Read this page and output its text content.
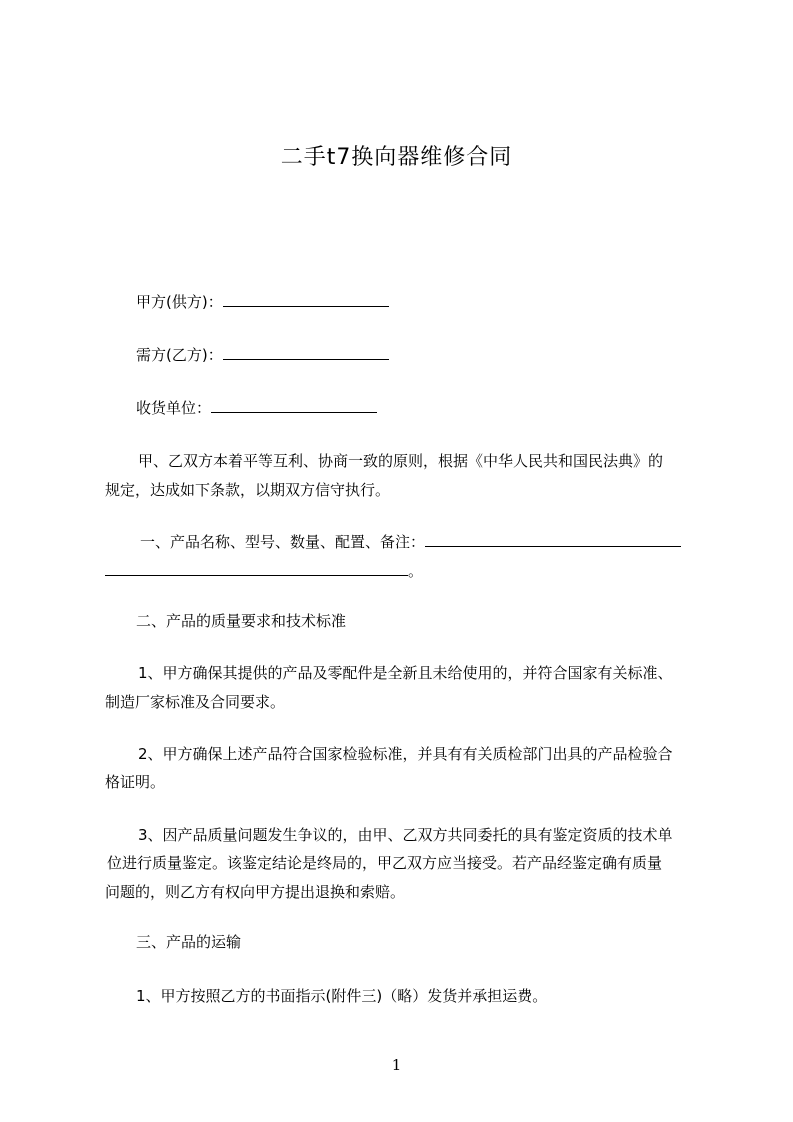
二手t7换向器维修合同
甲方(供方)：
需方(乙方)：
收货单位：
甲、乙双方本着平等互利、协商一致的原则，根据《中华人民共和国民法典》的
规定，达成如下条款，以期双方信守执行。
一、产品名称、型号、数量、配置、备注：
。
二、产品的质量要求和技术标准
1、甲方确保其提供的产品及零配件是全新且未给使用的，并符合国家有关标准、
制造厂家标准及合同要求。
2、甲方确保上述产品符合国家检验标准，并具有有关质检部门出具的产品检验合
格证明。
3、因产品质量问题发生争议的，由甲、乙双方共同委托的具有鉴定资质的技术单
位进行质量鉴定。该鉴定结论是终局的，甲乙双方应当接受。若产品经鉴定确有质量
问题的，则乙方有权向甲方提出退换和索赔。
三、产品的运输
1、甲方按照乙方的书面指示(附件三)（略）发货并承担运费。
1
